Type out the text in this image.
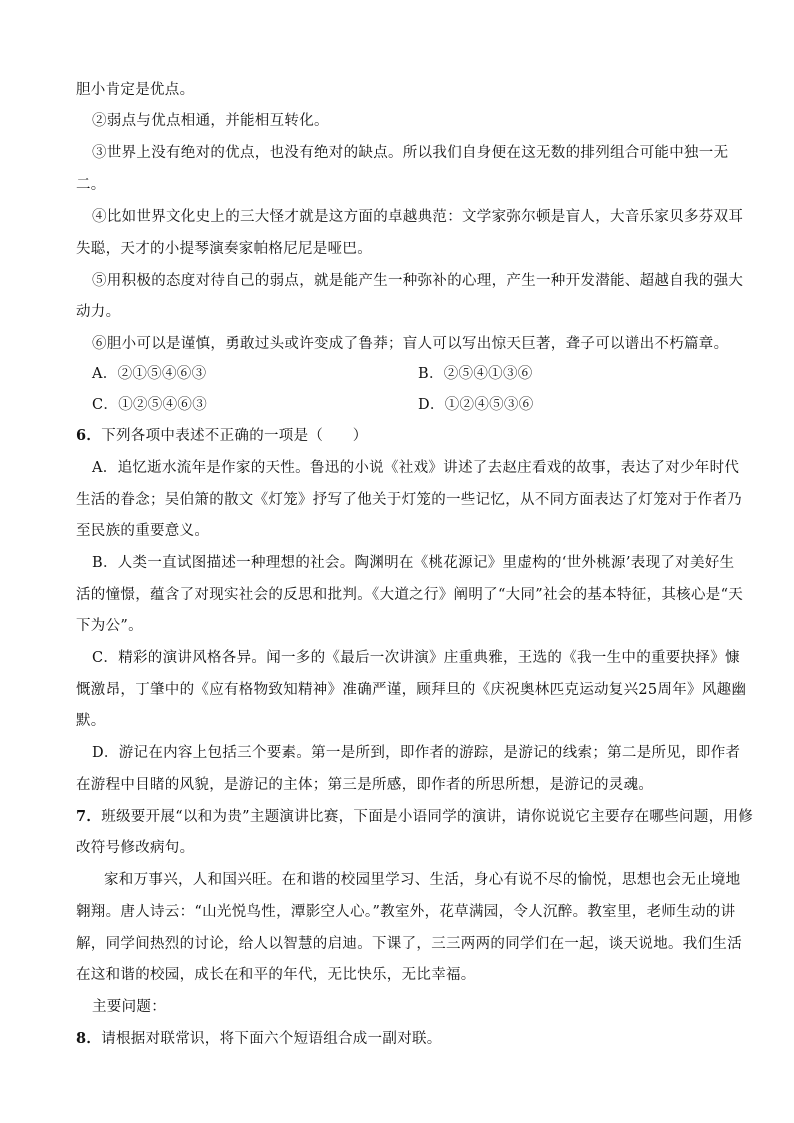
胆小肯定是优点。
②弱点与优点相通，并能相互转化。
③世界上没有绝对的优点，也没有绝对的缺点。所以我们自身便在这无数的排列组合可能中独一无
二。
④比如世界文化史上的三大怪才就是这方面的卓越典范：文学家弥尔顿是盲人，大音乐家贝多芬双耳
失聪，天才的小提琴演奏家帕格尼尼是哑巴。
⑤用积极的态度对待自己的弱点，就是能产生一种弥补的心理，产生一种开发潜能、超越自我的强大
动力。
⑥胆小可以是谨慎，勇敢过头或许变成了鲁莽；盲人可以写出惊天巨著，聋子可以谱出不朽篇章。
A．②①⑤④⑥③	B．②⑤④①③⑥
C．①②⑤④⑥③	D．①②④⑤③⑥
6．下列各项中表述不正确的一项是（　　）
A．追忆逝水流年是作家的天性。鲁迅的小说《社戏》讲述了去赵庄看戏的故事，表达了对少年时代
生活的眷念；吴伯箫的散文《灯笼》抒写了他关于灯笼的一些记忆，从不同方面表达了灯笼对于作者乃
至民族的重要意义。
B．人类一直试图描述一种理想的社会。陶渊明在《桃花源记》里虚构的‘世外桃源’表现了对美好生
活的憧憬，蕴含了对现实社会的反思和批判。《大道之行》阐明了“大同”社会的基本特征，其核心是“天
下为公”。
C．精彩的演讲风格各异。闻一多的《最后一次讲演》庄重典雅，王选的《我一生中的重要抉择》慷
慨激昂，丁肇中的《应有格物致知精神》准确严谨，顾拜旦的《庆祝奥林匹克运动复兴25周年》风趣幽
默。
D．游记在内容上包括三个要素。第一是所到，即作者的游踪，是游记的线索；第二是所见，即作者
在游程中目睹的风貌，是游记的主体；第三是所感，即作者的所思所想，是游记的灵魂。
7．班级要开展“以和为贵”主题演讲比赛，下面是小语同学的演讲，请你说说它主要存在哪些问题，用修
改符号修改病句。
家和万事兴，人和国兴旺。在和谐的校园里学习、生活，身心有说不尽的愉悦，思想也会无止境地
翱翔。唐人诗云：“山光悦鸟性，潭影空人心。”教室外，花草满园，令人沉醉。教室里，老师生动的讲
解，同学间热烈的讨论，给人以智慧的启迪。下课了，三三两两的同学们在一起，谈天说地。我们生活
在这和谐的校园，成长在和平的年代，无比快乐，无比幸福。
主要问题：
8．请根据对联常识，将下面六个短语组合成一副对联。
